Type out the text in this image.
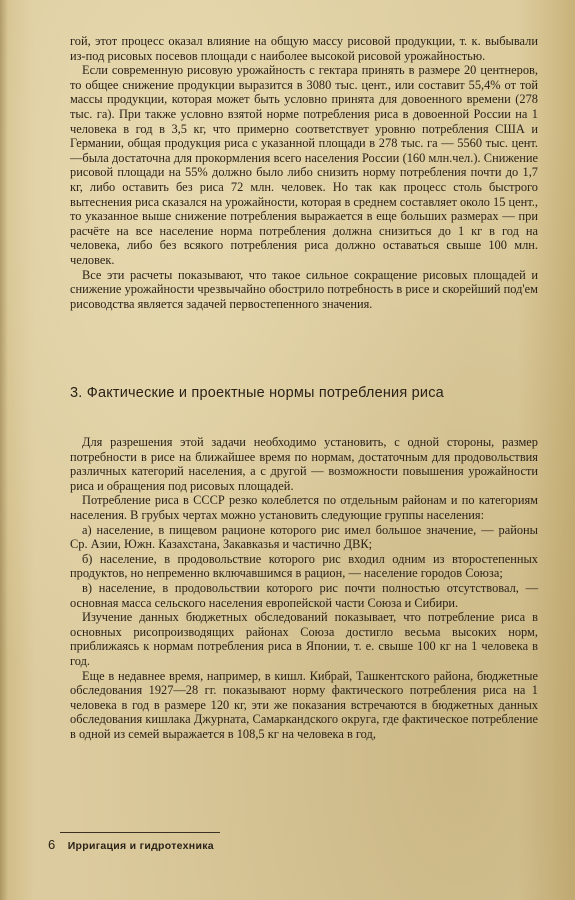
гой, этот процесс оказал влияние на общую массу рисовой продукции, т. к. выбывали из-под рисовых посевов площади с наиболее высокой рисовой урожайностью.

Если современную рисовую урожайность с гектара принять в размере 20 центнеров, то общее снижение продукции выразится в 3080 тыс. цент., или составит 55,4% от той массы продукции, которая может быть условно принята для довоенного времени (278 тыс. га). При также условно взятой норме потребления риса в довоенной России на 1 человека в год в 3,5 кг, что примерно соответствует уровню потребления США и Германии, общая продукция риса с указанной площади в 278 тыс. га — 5560 тыс. цент.—была достаточна для прокормления всего населения России (160 млн.чел.). Снижение рисовой площади на 55% должно было либо снизить норму потребления почти до 1,7 кг, либо оставить без риса 72 млн. человек. Но так как процесс столь быстрого вытеснения риса сказался на урожайности, которая в среднем составляет около 15 цент., то указанное выше снижение потребления выражается в еще больших размерах — при расчёте на все население норма потребления должна снизиться до 1 кг в год на человека, либо без всякого потребления риса должно оставаться свыше 100 млн. человек.

Все эти расчеты показывают, что такое сильное сокращение рисовых площадей и снижение урожайности чрезвычайно обострило потребность в рисе и скорейший под'ем рисоводства является задачей первостепенного значения.

3. Фактические и проектные нормы потребления риса

Для разрешения этой задачи необходимо установить, с одной стороны, размер потребности в рисе на ближайшее время по нормам, достаточным для продовольствия различных категорий населения, а с другой — возможности повышения урожайности риса и обращения под рисовых площадей.

Потребление риса в СССР резко колеблется по отдельным районам и по категориям населения. В грубых чертах можно установить следующие группы населения:

а) население, в пищевом рационе которого рис имел большое значение, — районы Ср. Азии, Южн. Казахстана, Закавказья и частично ДВК;

б) население, в продовольствие которого рис входил одним из второстепенных продуктов, но непременно включавшимся в рацион, — население городов Союза;

в) население, в продовольствии которого рис почти полностью отсутствовал, —основная масса сельского населения европейской части Союза и Сибири.

Изучение данных бюджетных обследований показывает, что потребление риса в основных рисопроизводящих районах Союза достигло весьма высоких норм, приближаясь к нормам потребления риса в Японии, т. е. свыше 100 кг на 1 человека в год.

Еще в недавнее время, например, в кишл. Кибрай, Ташкентского района, бюджетные обследования 1927—28 гг. показывают норму фактического потребления риса на 1 человека в год в размере 120 кг, эти же показания встречаются в бюджетных данных обследования кишлака Джурната, Самаркандского округа, где фактическое потребление в одной из семей выражается в 108,5 кг на человека в год,

6 Ирригация и гидротехника
